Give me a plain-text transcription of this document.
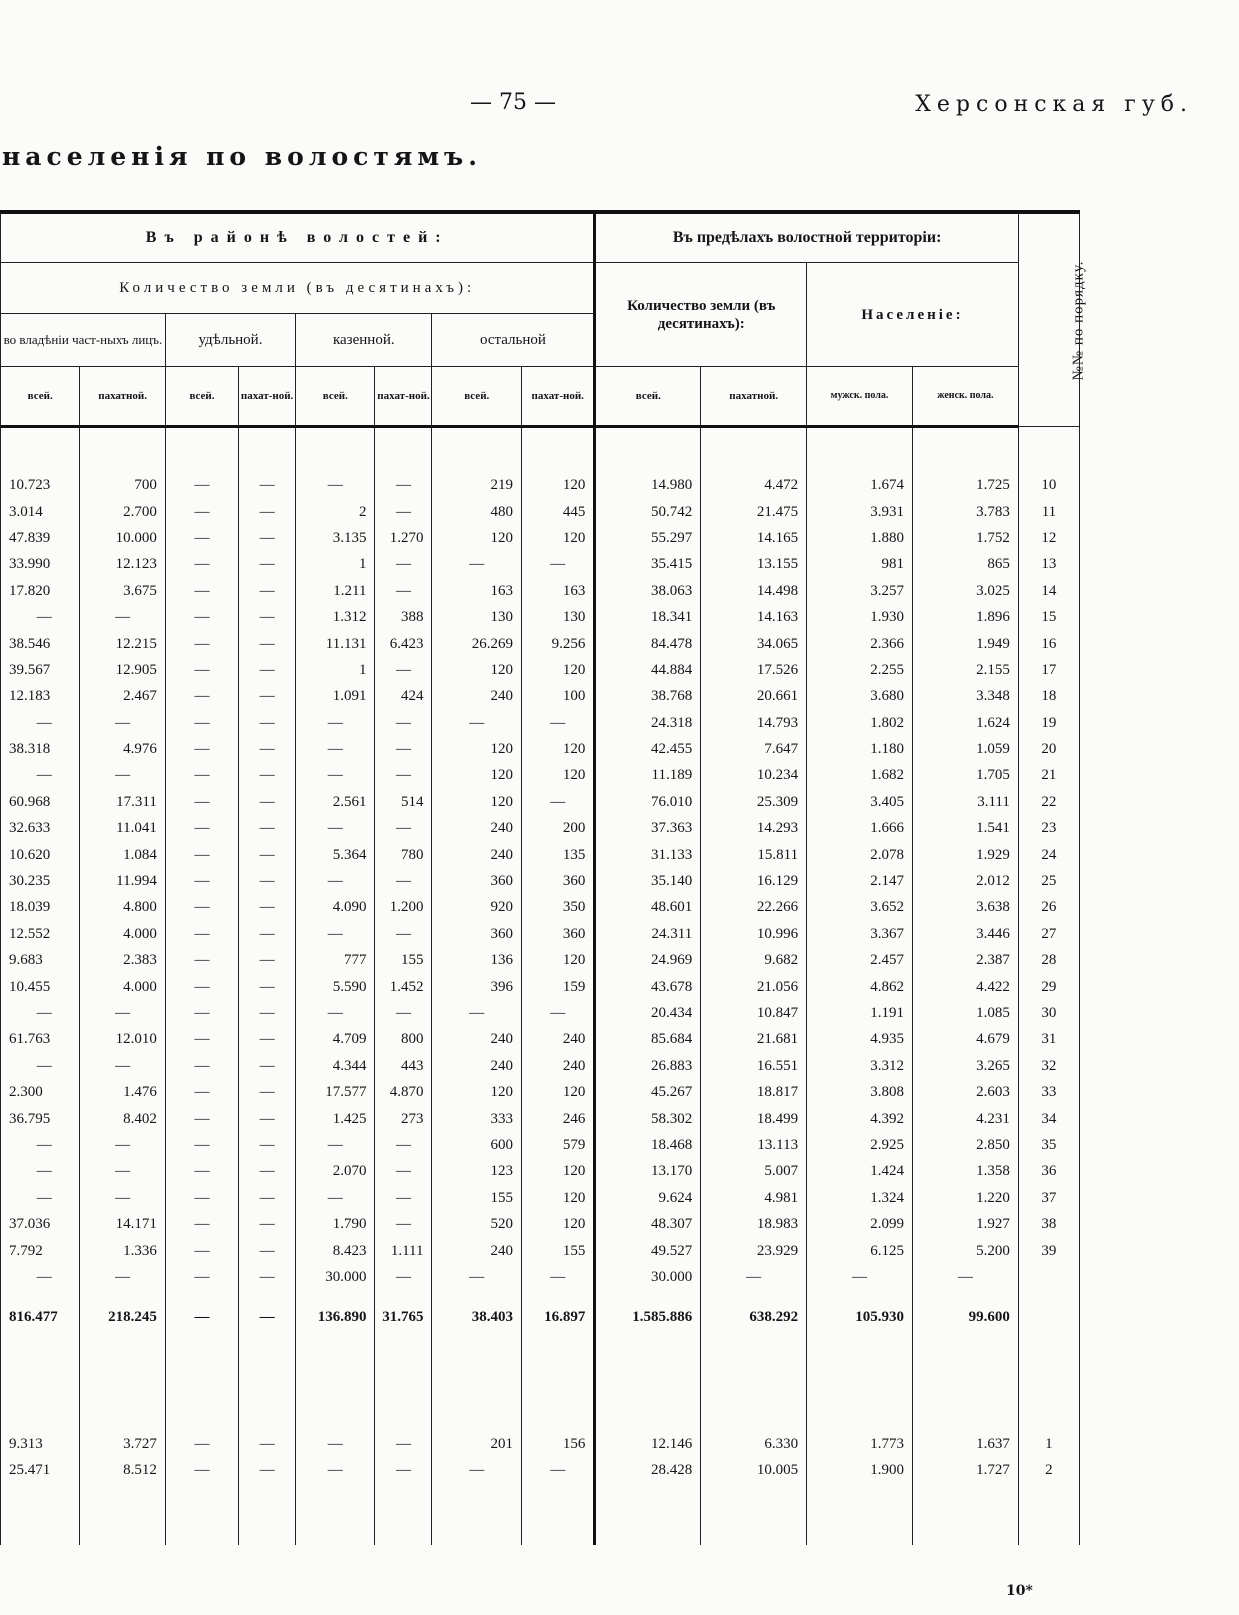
— 75 —	Херсонская губ.
населенія по волостямъ.
Въ районѣ волостей:								Въ предѣлахъ волостной территоріи:				№№ по порядку.
Количество земли (въ десятинахъ):								Количество земли (въ десятинахъ):		Населеніе:		
во владѣніи част-ныхъ лицъ.		удѣльной.		казенной.		остальной						
всей.	пахатной.	всей.	пахат-ной.	всей.	пахат-ной.	всей.	пахат-ной.	всей.	пахатной.	мужск. пола.	женск. пола.	

10.723	700	—	—	—	—	219	120	14.980	4.472	1.674	1.725	10
3.014	2.700	—	—	2	—	480	445	50.742	21.475	3.931	3.783	11
47.839	10.000	—	—	3.135	1.270	120	120	55.297	14.165	1.880	1.752	12
33.990	12.123	—	—	1	—	—	—	35.415	13.155	981	865	13
17.820	3.675	—	—	1.211	—	163	163	38.063	14.498	3.257	3.025	14
—	—	—	—	1.312	388	130	130	18.341	14.163	1.930	1.896	15
38.546	12.215	—	—	11.131	6.423	26.269	9.256	84.478	34.065	2.366	1.949	16
39.567	12.905	—	—	1	—	120	120	44.884	17.526	2.255	2.155	17
12.183	2.467	—	—	1.091	424	240	100	38.768	20.661	3.680	3.348	18
—	—	—	—	—	—	—	—	24.318	14.793	1.802	1.624	19
38.318	4.976	—	—	—	—	120	120	42.455	7.647	1.180	1.059	20
—	—	—	—	—	—	120	120	11.189	10.234	1.682	1.705	21
60.968	17.311	—	—	2.561	514	120	—	76.010	25.309	3.405	3.111	22
32.633	11.041	—	—	—	—	240	200	37.363	14.293	1.666	1.541	23
10.620	1.084	—	—	5.364	780	240	135	31.133	15.811	2.078	1.929	24
30.235	11.994	—	—	—	—	360	360	35.140	16.129	2.147	2.012	25
18.039	4.800	—	—	4.090	1.200	920	350	48.601	22.266	3.652	3.638	26
12.552	4.000	—	—	—	—	360	360	24.311	10.996	3.367	3.446	27
9.683	2.383	—	—	777	155	136	120	24.969	9.682	2.457	2.387	28
10.455	4.000	—	—	5.590	1.452	396	159	43.678	21.056	4.862	4.422	29
—	—	—	—	—	—	—	—	20.434	10.847	1.191	1.085	30
61.763	12.010	—	—	4.709	800	240	240	85.684	21.681	4.935	4.679	31
—	—	—	—	4.344	443	240	240	26.883	16.551	3.312	3.265	32
2.300	1.476	—	—	17.577	4.870	120	120	45.267	18.817	3.808	2.603	33
36.795	8.402	—	—	1.425	273	333	246	58.302	18.499	4.392	4.231	34
—	—	—	—	—	—	600	579	18.468	13.113	2.925	2.850	35
—	—	—	—	2.070	—	123	120	13.170	5.007	1.424	1.358	36
—	—	—	—	—	—	155	120	9.624	4.981	1.324	1.220	37
37.036	14.171	—	—	1.790	—	520	120	48.307	18.983	2.099	1.927	38
7.792	1.336	—	—	8.423	1.111	240	155	49.527	23.929	6.125	5.200	39
—	—	—	—	30.000	—	—	—	30.000	—	—	—	

816.477	218.245	—	—	136.890	31.765	38.403	16.897	1.585.886	638.292	105.930	99.600	

9.313	3.727	—	—	—	—	201	156	12.146	6.330	1.773	1.637	1
25.471	8.512	—	—	—	—	—	—	28.428	10.005	1.900	1.727	2

10*
